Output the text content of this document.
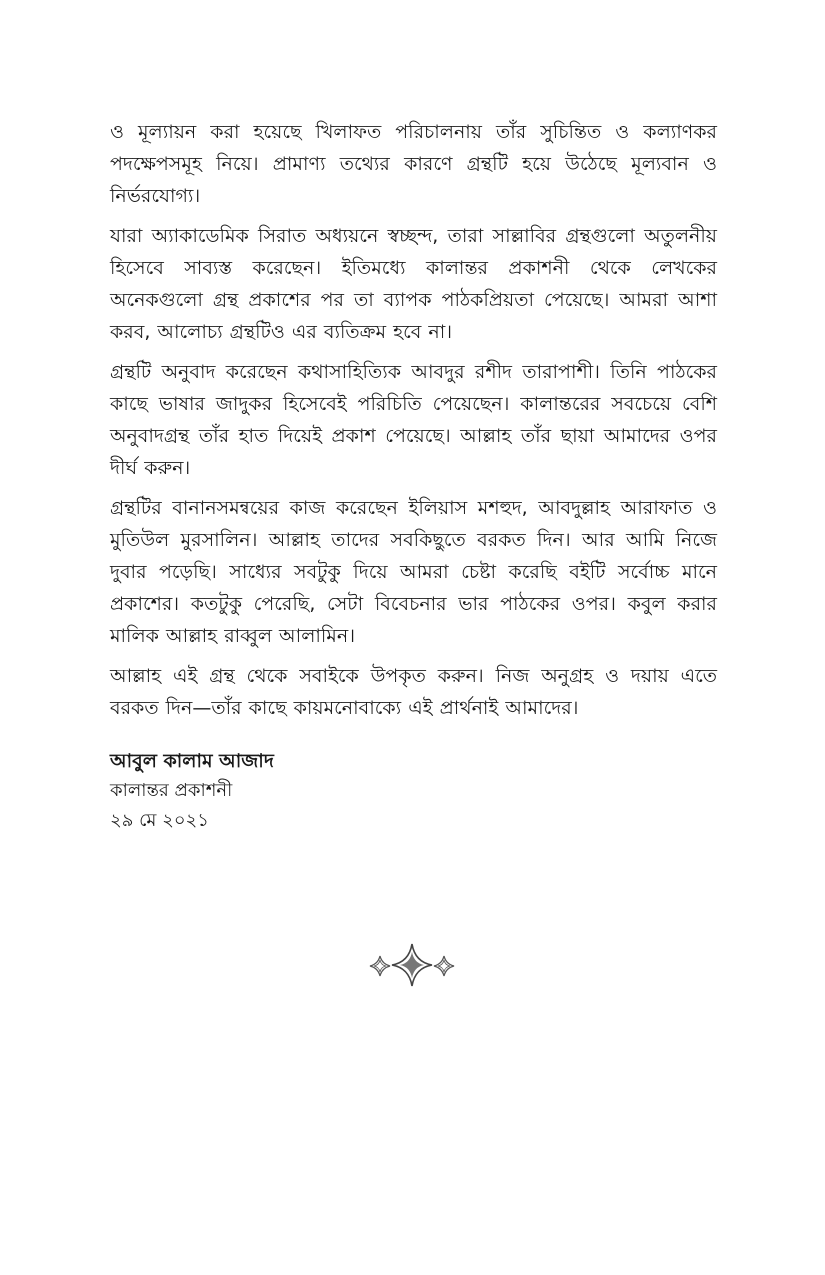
ও মূল্যায়ন করা হয়েছে খিলাফত পরিচালনায় তাঁর সুচিন্তিত ও কল্যাণকর পদক্ষেপসমূহ নিয়ে। প্রামাণ্য তথ্যের কারণে গ্রন্থটি হয়ে উঠেছে মূল্যবান ও নির্ভরযোগ্য।

যারা অ্যাকাডেমিক সিরাত অধ্যয়নে স্বচ্ছন্দ, তারা সাল্লাবির গ্রন্থগুলো অতুলনীয় হিসেবে সাব্যস্ত করেছেন। ইতিমধ্যে কালান্তর প্রকাশনী থেকে লেখকের অনেকগুলো গ্রন্থ প্রকাশের পর তা ব্যাপক পাঠকপ্রিয়তা পেয়েছে। আমরা আশা করব, আলোচ্য গ্রন্থটিও এর ব্যতিক্রম হবে না।

গ্রন্থটি অনুবাদ করেছেন কথাসাহিত্যিক আবদুর রশীদ তারাপাশী। তিনি পাঠকের কাছে ভাষার জাদুকর হিসেবেই পরিচিতি পেয়েছেন। কালান্তরের সবচেয়ে বেশি অনুবাদগ্রন্থ তাঁর হাত দিয়েই প্রকাশ পেয়েছে। আল্লাহ তাঁর ছায়া আমাদের ওপর দীর্ঘ করুন।

গ্রন্থটির বানানসমন্বয়ের কাজ করেছেন ইলিয়াস মশহুদ, আবদুল্লাহ আরাফাত ও মুতিউল মুরসালিন। আল্লাহ তাদের সবকিছুতে বরকত দিন। আর আমি নিজে দুবার পড়েছি। সাধ্যের সবটুকু দিয়ে আমরা চেষ্টা করেছি বইটি সর্বোচ্চ মানে প্রকাশের। কতটুকু পেরেছি, সেটা বিবেচনার ভার পাঠকের ওপর। কবুল করার মালিক আল্লাহ রাব্বুল আলামিন।

আল্লাহ এই গ্রন্থ থেকে সবাইকে উপকৃত করুন। নিজ অনুগ্রহ ও দয়ায় এতে বরকত দিন—তাঁর কাছে কায়মনোবাক্যে এই প্রার্থনাই আমাদের।

আবুল কালাম আজাদ

কালান্তর প্রকাশনী

২৯ মে ২০২১
